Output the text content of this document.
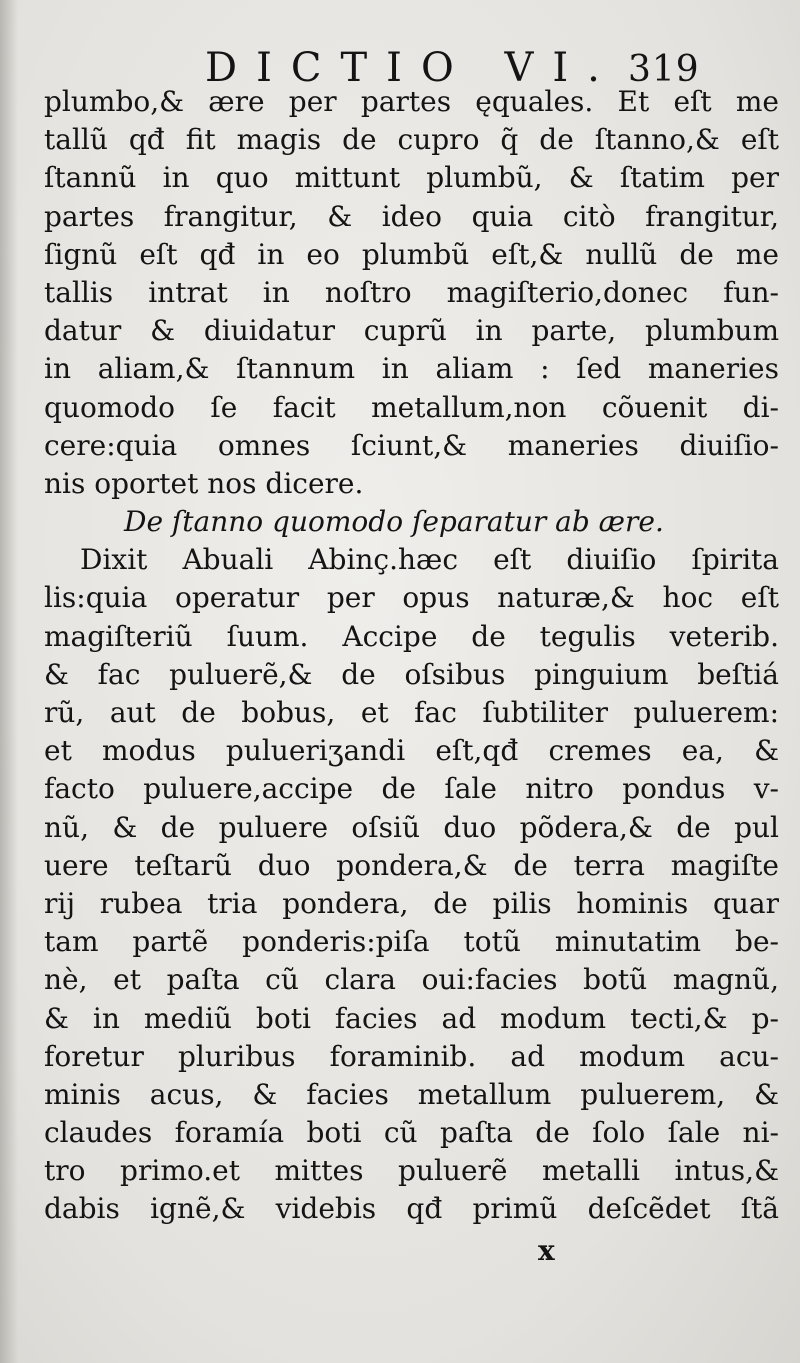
DICTIO VI. 319
plumbo,& ære per partes ęquales. Et eſt me
tallũ qđ fit magis de cupro q̃ de ſtanno,& eſt
ſtannũ in quo mittunt plumbũ, & ſtatim per
partes frangitur, & ideo quia citò frangitur,
ſignũ eſt qđ in eo plumbũ eſt,& nullũ de me
tallis intrat in noſtro magiſterio,donec fun-
datur & diuidatur cuprũ in parte, plumbum
in aliam,& ſtannum in aliam : ſed maneries
quomodo ſe facit metallum,non cõuenit di-
cere:quia omnes ſciunt,& maneries diuiſio-
nis oportet nos dicere.
De ſtanno quomodo ſeparatur ab ære.
Dixit Abuali Abinç.hæc eſt diuiſio ſpirita
lis:quia operatur per opus naturæ,& hoc eſt
magiſteriũ ſuum. Accipe de tegulis veterib.
& fac puluerẽ,& de oſsibus pinguium beſtiá
rũ, aut de bobus, et fac ſubtiliter puluerem:
et modus pulueriʒandi eſt,qđ cremes ea, &
facto puluere,accipe de ſale nitro pondus v-
nũ, & de puluere oſsiũ duo põdera,& de pul
uere teſtarũ duo pondera,& de terra magiſte
rij rubea tria pondera, de pilis hominis quar
tam partẽ ponderis:piſa totũ minutatim be-
nè, et paſta cũ clara oui:facies botũ magnũ,
& in mediũ boti facies ad modum tecti,& p-
foretur pluribus foraminib. ad modum acu-
minis acus, & facies metallum puluerem, &
claudes foramía boti cũ paſta de ſolo ſale ni-
tro primo.et mittes puluerẽ metalli intus,&
dabis ignẽ,& videbis qđ primũ deſcẽdet ſtã
x
